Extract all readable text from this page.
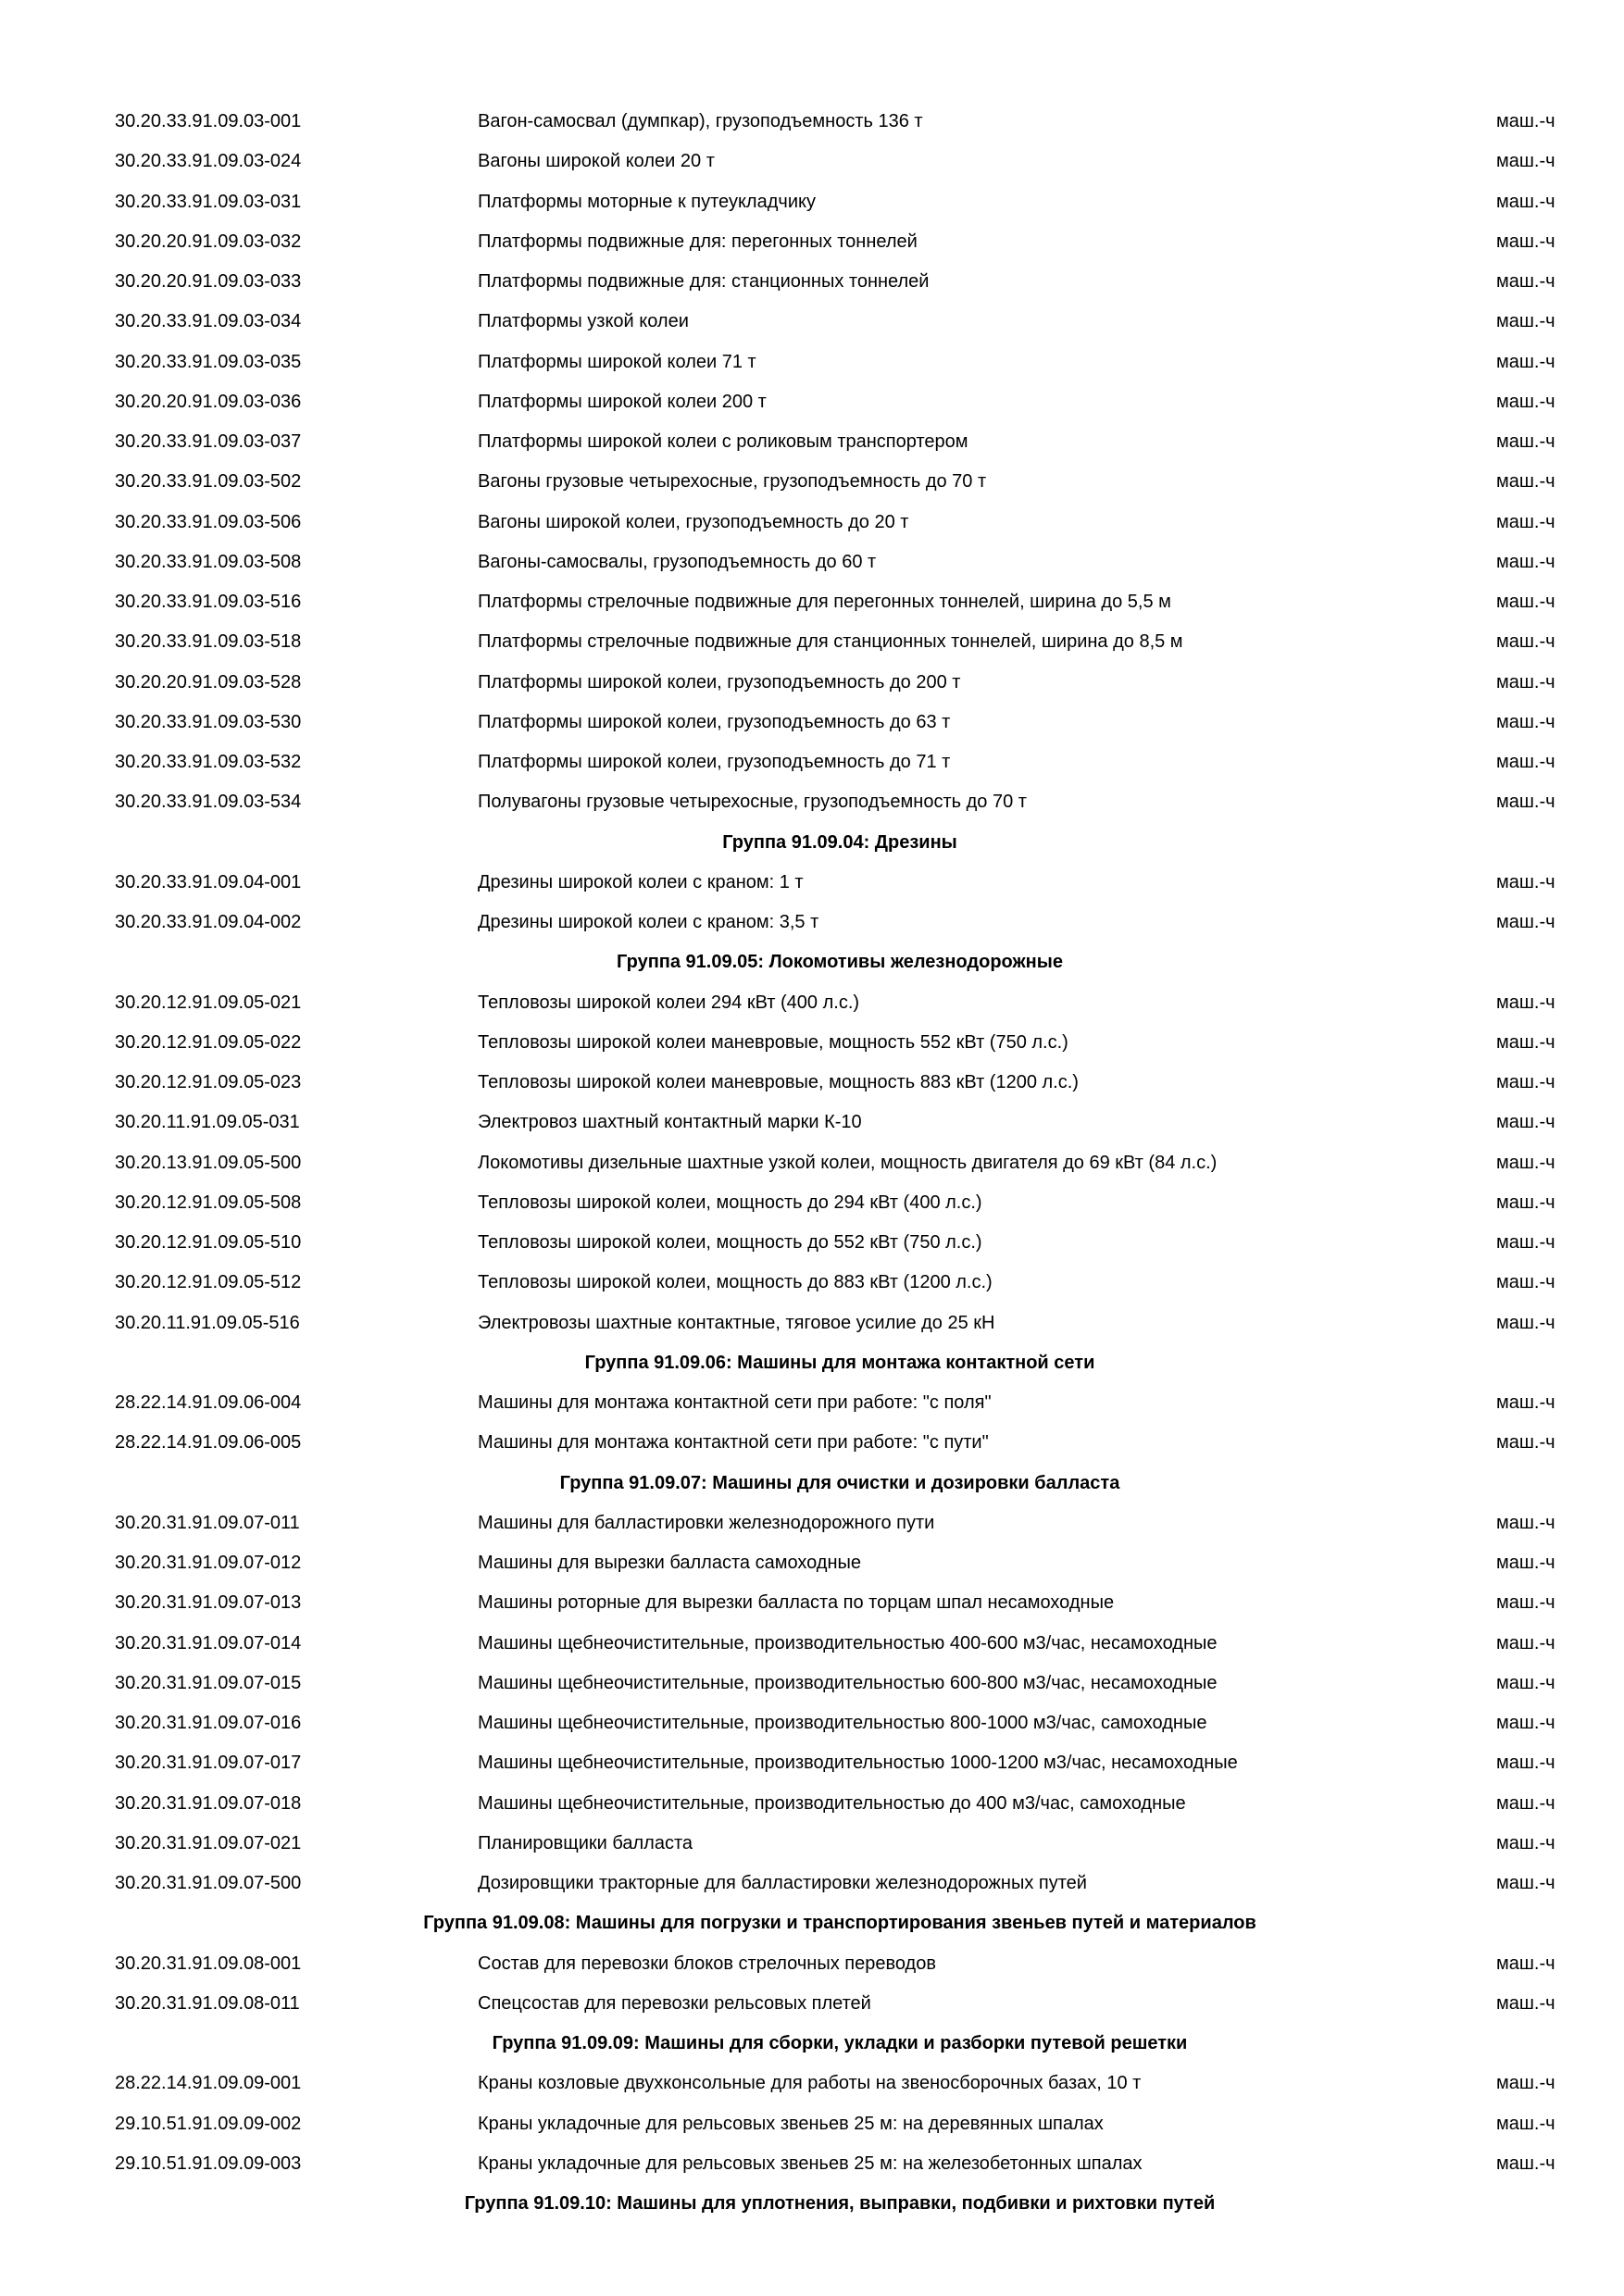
30.20.33.91.09.03-001	Вагон-самосвал (думпкар), грузоподъемность 136 т	маш.-ч
30.20.33.91.09.03-024	Вагоны широкой колеи 20 т	маш.-ч
30.20.33.91.09.03-031	Платформы моторные к путеукладчику	маш.-ч
30.20.20.91.09.03-032	Платформы подвижные для: перегонных тоннелей	маш.-ч
30.20.20.91.09.03-033	Платформы подвижные для: станционных тоннелей	маш.-ч
30.20.33.91.09.03-034	Платформы узкой колеи	маш.-ч
30.20.33.91.09.03-035	Платформы широкой колеи 71 т	маш.-ч
30.20.20.91.09.03-036	Платформы широкой колеи 200 т	маш.-ч
30.20.33.91.09.03-037	Платформы широкой колеи с роликовым транспортером	маш.-ч
30.20.33.91.09.03-502	Вагоны грузовые четырехосные, грузоподъемность до 70 т	маш.-ч
30.20.33.91.09.03-506	Вагоны широкой колеи, грузоподъемность до 20 т	маш.-ч
30.20.33.91.09.03-508	Вагоны-самосвалы, грузоподъемность до 60 т	маш.-ч
30.20.33.91.09.03-516	Платформы стрелочные подвижные для перегонных тоннелей, ширина до 5,5 м	маш.-ч
30.20.33.91.09.03-518	Платформы стрелочные подвижные для станционных тоннелей, ширина до 8,5 м	маш.-ч
30.20.20.91.09.03-528	Платформы широкой колеи, грузоподъемность до 200 т	маш.-ч
30.20.33.91.09.03-530	Платформы широкой колеи, грузоподъемность до 63 т	маш.-ч
30.20.33.91.09.03-532	Платформы широкой колеи, грузоподъемность до 71 т	маш.-ч
30.20.33.91.09.03-534	Полувагоны грузовые четырехосные, грузоподъемность до 70 т	маш.-ч
Группа 91.09.04: Дрезины
30.20.33.91.09.04-001	Дрезины широкой колеи с краном: 1 т	маш.-ч
30.20.33.91.09.04-002	Дрезины широкой колеи с краном: 3,5 т	маш.-ч
Группа 91.09.05: Локомотивы железнодорожные
30.20.12.91.09.05-021	Тепловозы широкой колеи 294 кВт (400 л.с.)	маш.-ч
30.20.12.91.09.05-022	Тепловозы широкой колеи маневровые, мощность 552 кВт (750 л.с.)	маш.-ч
30.20.12.91.09.05-023	Тепловозы широкой колеи маневровые, мощность 883 кВт (1200 л.с.)	маш.-ч
30.20.11.91.09.05-031	Электровоз шахтный контактный марки К-10	маш.-ч
30.20.13.91.09.05-500	Локомотивы дизельные шахтные узкой колеи, мощность двигателя до 69 кВт (84 л.с.)	маш.-ч
30.20.12.91.09.05-508	Тепловозы широкой колеи, мощность до 294 кВт (400 л.с.)	маш.-ч
30.20.12.91.09.05-510	Тепловозы широкой колеи, мощность до 552 кВт (750 л.с.)	маш.-ч
30.20.12.91.09.05-512	Тепловозы широкой колеи, мощность до 883 кВт (1200 л.с.)	маш.-ч
30.20.11.91.09.05-516	Электровозы шахтные контактные, тяговое усилие до 25 кН	маш.-ч
Группа 91.09.06: Машины для монтажа контактной сети
28.22.14.91.09.06-004	Машины для монтажа контактной сети при работе: "с поля"	маш.-ч
28.22.14.91.09.06-005	Машины для монтажа контактной сети при работе: "с пути"	маш.-ч
Группа 91.09.07: Машины для очистки и дозировки балласта
30.20.31.91.09.07-011	Машины для балластировки железнодорожного пути	маш.-ч
30.20.31.91.09.07-012	Машины для вырезки балласта самоходные	маш.-ч
30.20.31.91.09.07-013	Машины роторные для вырезки балласта по торцам шпал несамоходные	маш.-ч
30.20.31.91.09.07-014	Машины щебнеочистительные, производительностью 400-600 м3/час, несамоходные	маш.-ч
30.20.31.91.09.07-015	Машины щебнеочистительные, производительностью 600-800 м3/час, несамоходные	маш.-ч
30.20.31.91.09.07-016	Машины щебнеочистительные, производительностью 800-1000 м3/час, самоходные	маш.-ч
30.20.31.91.09.07-017	Машины щебнеочистительные, производительностью 1000-1200 м3/час, несамоходные	маш.-ч
30.20.31.91.09.07-018	Машины щебнеочистительные, производительностью до 400 м3/час, самоходные	маш.-ч
30.20.31.91.09.07-021	Планировщики балласта	маш.-ч
30.20.31.91.09.07-500	Дозировщики тракторные для балластировки железнодорожных путей	маш.-ч
Группа 91.09.08: Машины для погрузки и транспортирования звеньев путей и материалов
30.20.31.91.09.08-001	Состав для перевозки блоков стрелочных переводов	маш.-ч
30.20.31.91.09.08-011	Спецсостав для перевозки рельсовых плетей	маш.-ч
Группа 91.09.09: Машины для сборки, укладки и разборки путевой решетки
28.22.14.91.09.09-001	Краны козловые двухконсольные для работы на звеносборочных базах, 10 т	маш.-ч
29.10.51.91.09.09-002	Краны укладочные для рельсовых звеньев 25 м: на деревянных шпалах	маш.-ч
29.10.51.91.09.09-003	Краны укладочные для рельсовых звеньев 25 м: на железобетонных шпалах	маш.-ч
Группа 91.09.10: Машины для уплотнения, выправки, подбивки и рихтовки путей
